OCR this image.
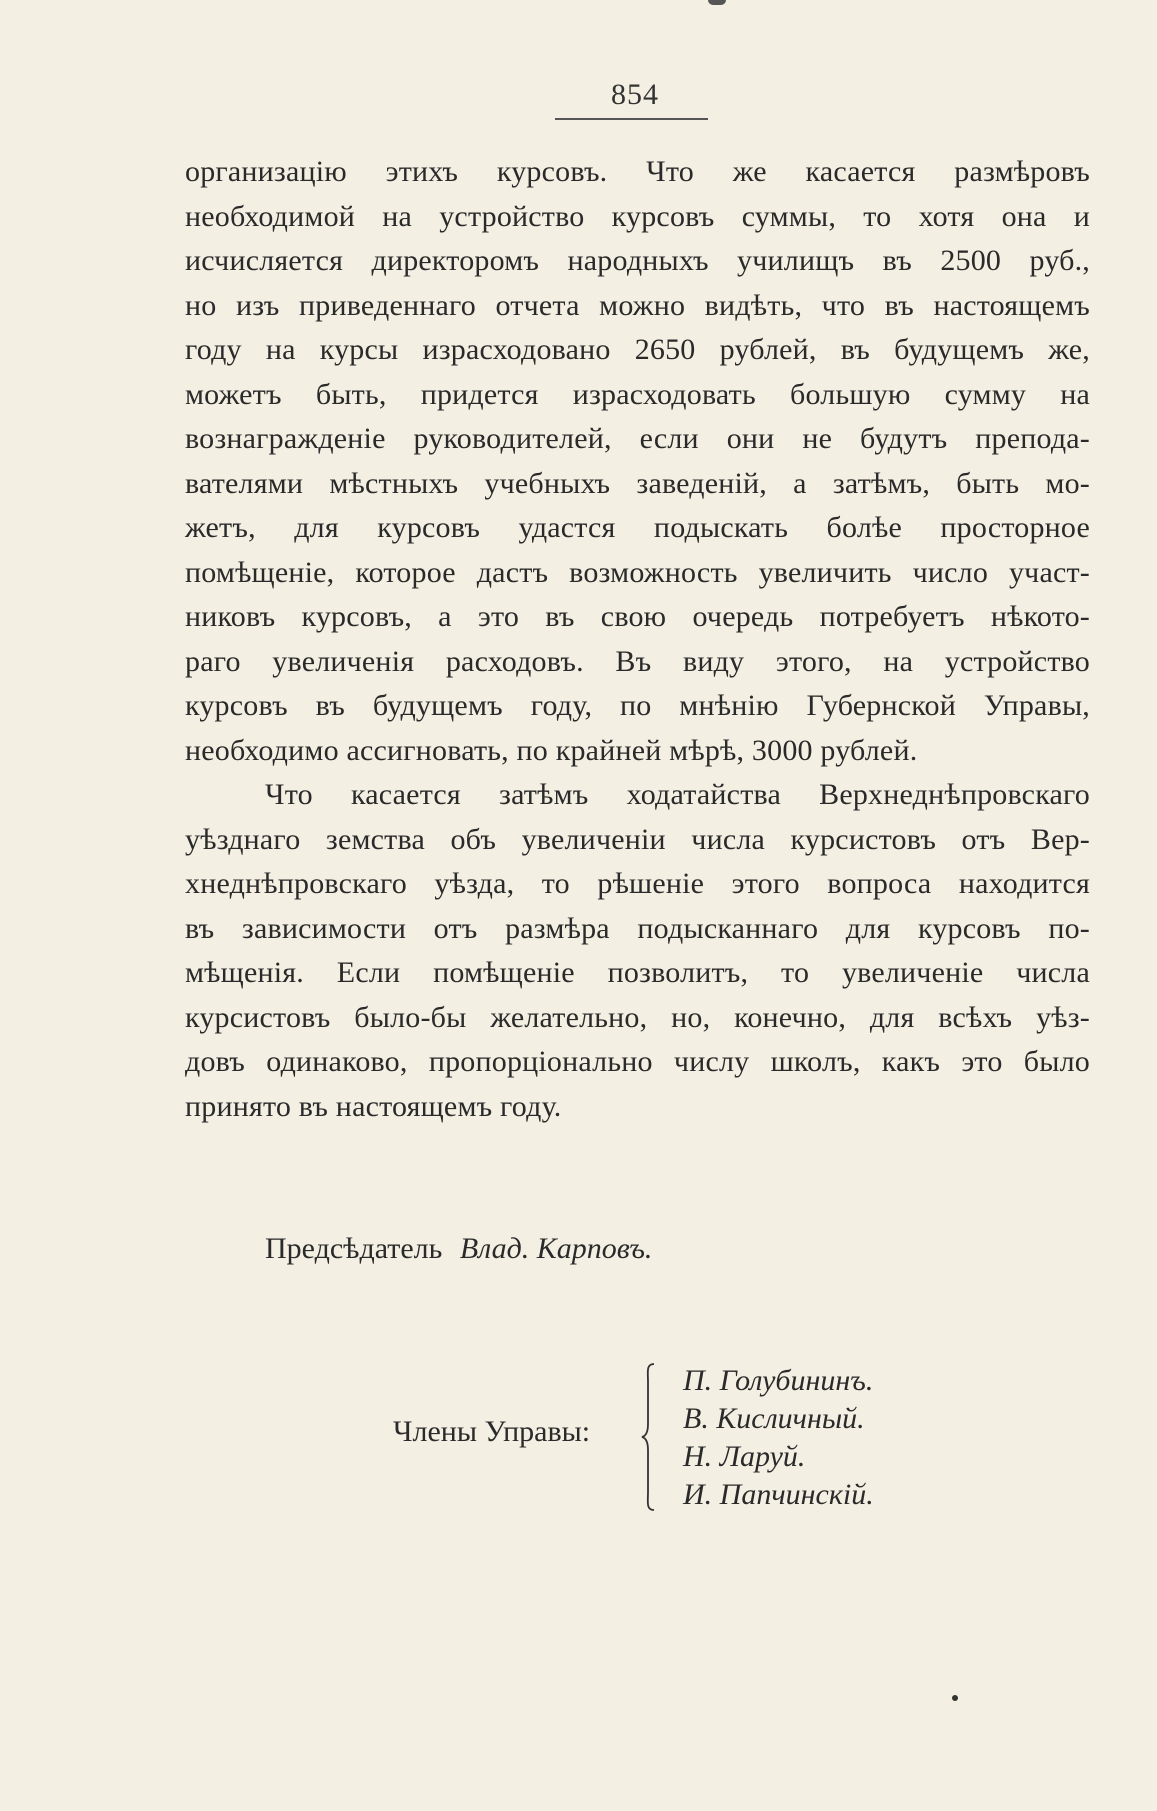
854
организацію этихъ курсовъ. Что же касается размѣровъ
необходимой на устройство курсовъ суммы, то хотя она и
исчисляется директоромъ народныхъ училищъ въ 2500 руб.,
но изъ приведеннаго отчета можно видѣть, что въ настоящемъ
году на курсы израсходовано 2650 рублей, въ будущемъ же,
можетъ быть, придется израсходовать большую сумму на
вознагражденіе руководителей, если они не будутъ препода-
вателями мѣстныхъ учебныхъ заведеній, а затѣмъ, быть мо-
жетъ, для курсовъ удастся подыскать болѣе просторное
помѣщеніе, которое дастъ возможность увеличить число участ-
никовъ курсовъ, а это въ свою очередь потребуетъ нѣкото-
раго увеличенія расходовъ. Въ виду этого, на устройство
курсовъ въ будущемъ году, по мнѣнію Губернской Управы,
необходимо ассигновать, по крайней мѣрѣ, 3000 рублей.
Что касается затѣмъ ходатайства Верхнеднѣпровскаго
уѣзднаго земства объ увеличеніи числа курсистовъ отъ Вер-
хнеднѣпровскаго уѣзда, то рѣшеніе этого вопроса находится
въ зависимости отъ размѣра подысканнаго для курсовъ по-
мѣщенія. Если помѣщеніе позволитъ, то увеличеніе числа
курсистовъ было-бы желательно, но, конечно, для всѣхъ уѣз-
довъ одинаково, пропорціонально числу школъ, какъ это было
принято въ настоящемъ году.
Предсѣдатель Влад. Карповъ.
Члены Управы:
П. Голубининъ.
В. Кисличный.
Н. Ларуй.
И. Папчинскій.
